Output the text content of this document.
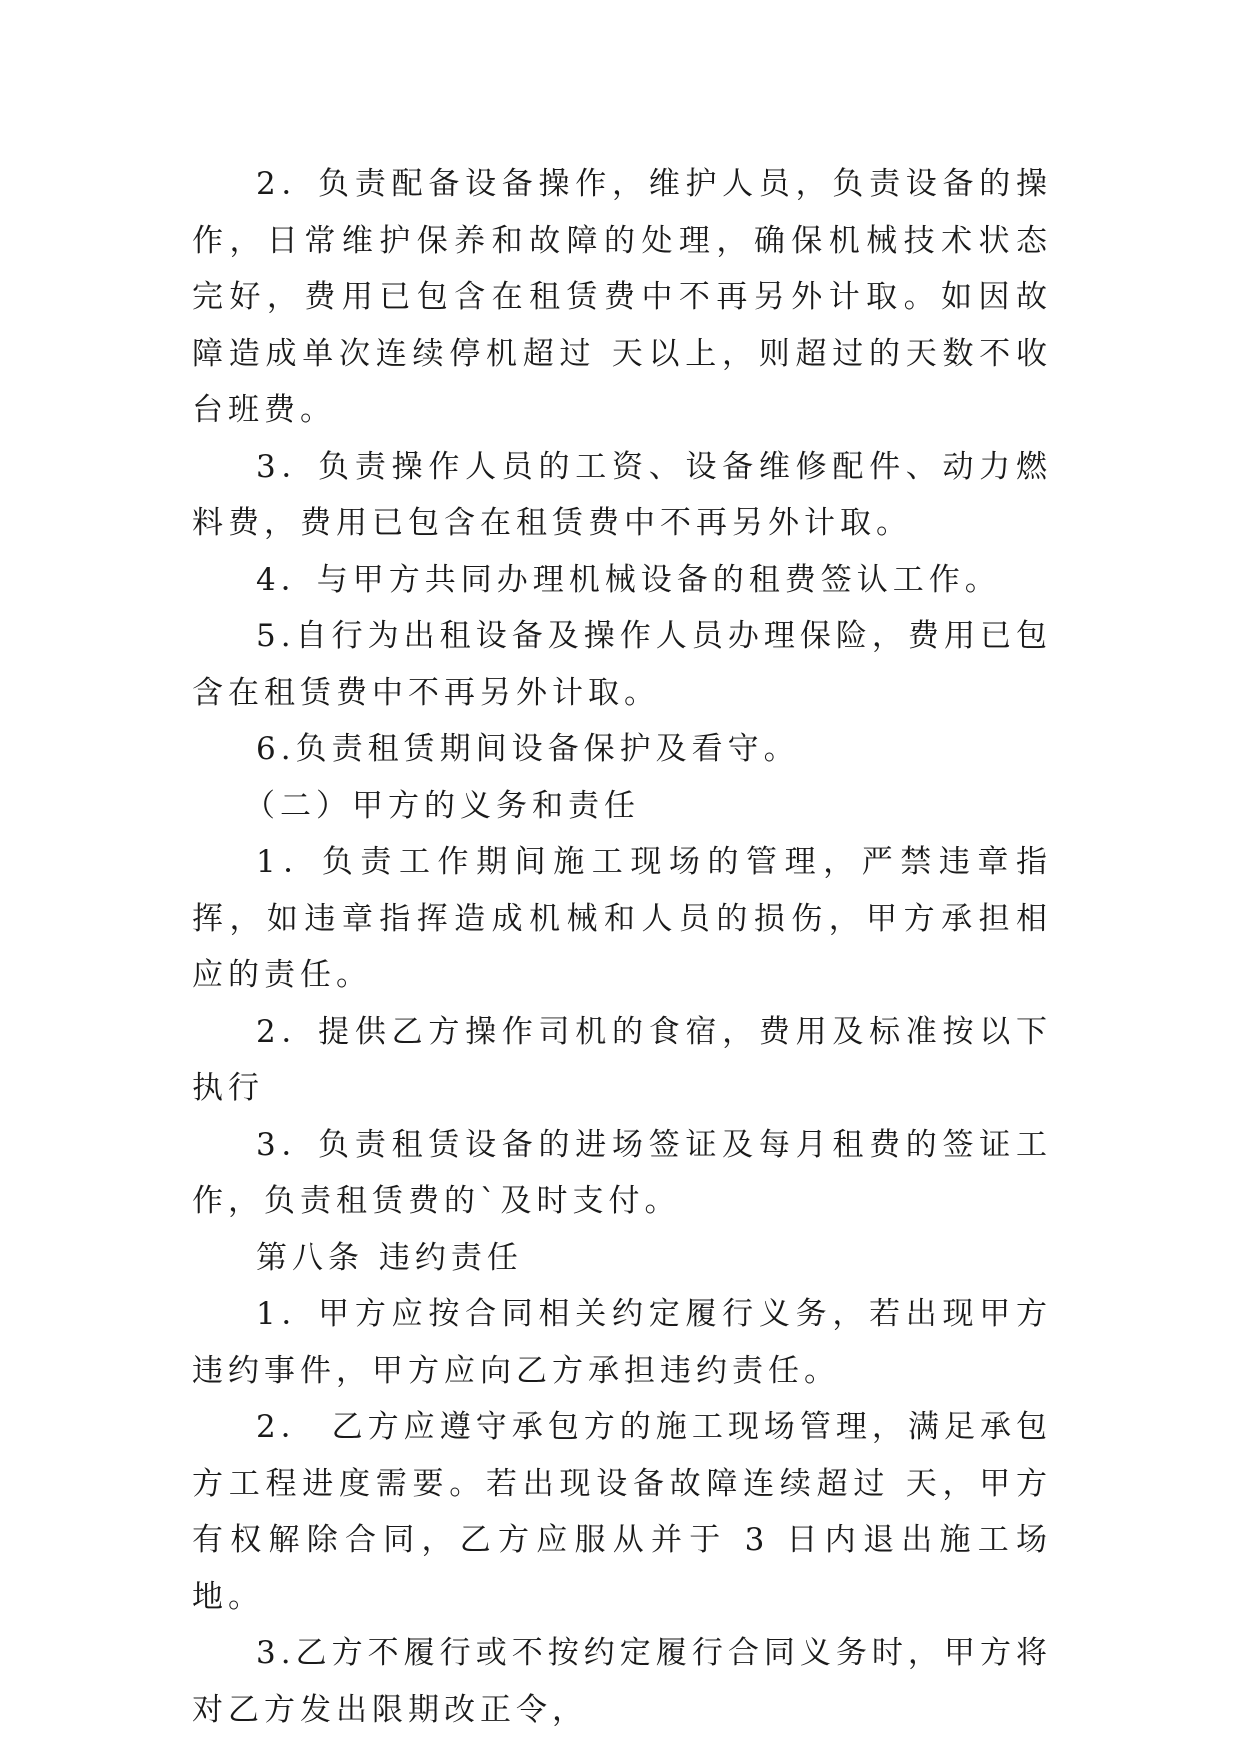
2．负责配备设备操作，维护人员，负责设备的操作，日常维护保养和故障的处理，确保机械技术状态完好，费用已包含在租赁费中不再另外计取。如因故障造成单次连续停机超过 天以上，则超过的天数不收台班费。

3．负责操作人员的工资、设备维修配件、动力燃料费，费用已包含在租赁费中不再另外计取。

4．与甲方共同办理机械设备的租费签认工作。

5.自行为出租设备及操作人员办理保险，费用已包含在租赁费中不再另外计取。

6.负责租赁期间设备保护及看守。

（二）甲方的义务和责任

1．负责工作期间施工现场的管理，严禁违章指挥，如违章指挥造成机械和人员的损伤，甲方承担相应的责任。

2．提供乙方操作司机的食宿，费用及标准按以下执行

3．负责租赁设备的进场签证及每月租费的签证工作，负责租赁费的`及时支付。

第八条 违约责任

1．甲方应按合同相关约定履行义务，若出现甲方违约事件，甲方应向乙方承担违约责任。

2． 乙方应遵守承包方的施工现场管理，满足承包方工程进度需要。若出现设备故障连续超过 天，甲方有权解除合同，乙方应服从并于 3 日内退出施工场地。

3.乙方不履行或不按约定履行合同义务时，甲方将对乙方发出限期改正令，
